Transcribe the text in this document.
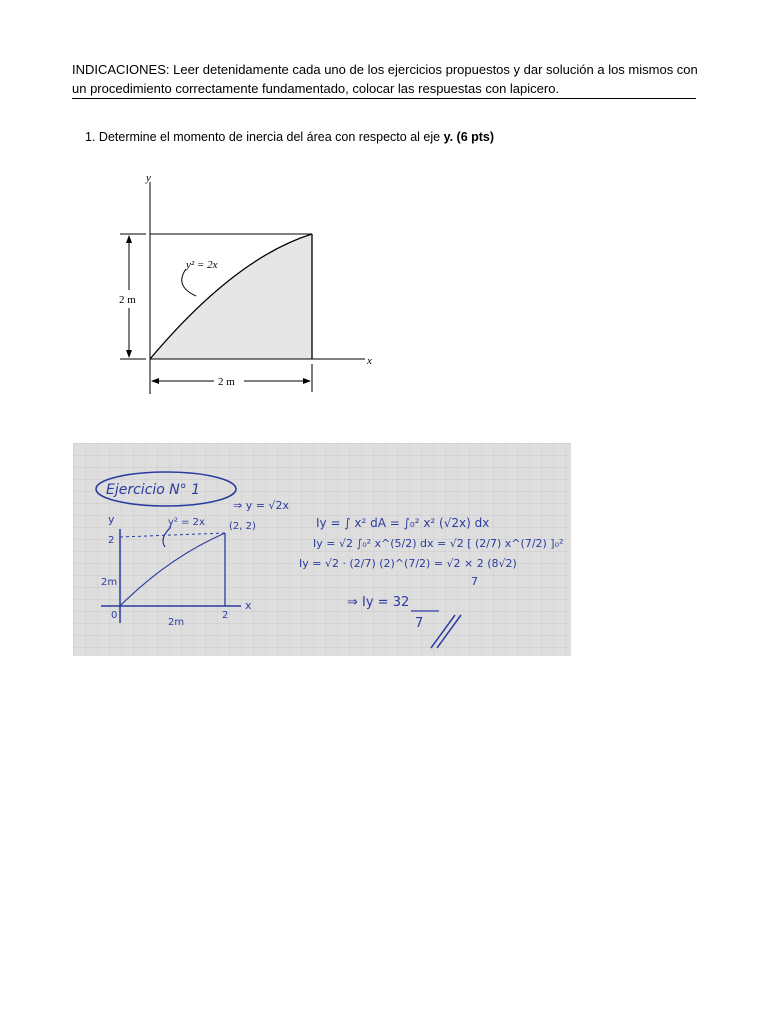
INDICACIONES: Leer detenidamente cada uno de los ejercicios propuestos y dar solución a los mismos con un procedimiento correctamente fundamentado, colocar las respuestas con lapicero.
1. Determine el momento de inercia del área con respecto al eje y. (6 pts)
y
x
y² = 2x
2 m
2 m
Ejercicio N° 1
⇒ y = √2x
y
x
y² = 2x (2, 2)
2
2
0
2m
2m
Iy = ∫ x² dA = ∫₀² x² (√2x) dx
Iy = √2 ∫₀² x^(5/2) dx = √2 [ (2/7) x^(7/2) ]₀²
Iy = √2 · (2/7) (2)^(7/2) = √2 × 2 (8√2)
7
⇒ Iy = 32
7
